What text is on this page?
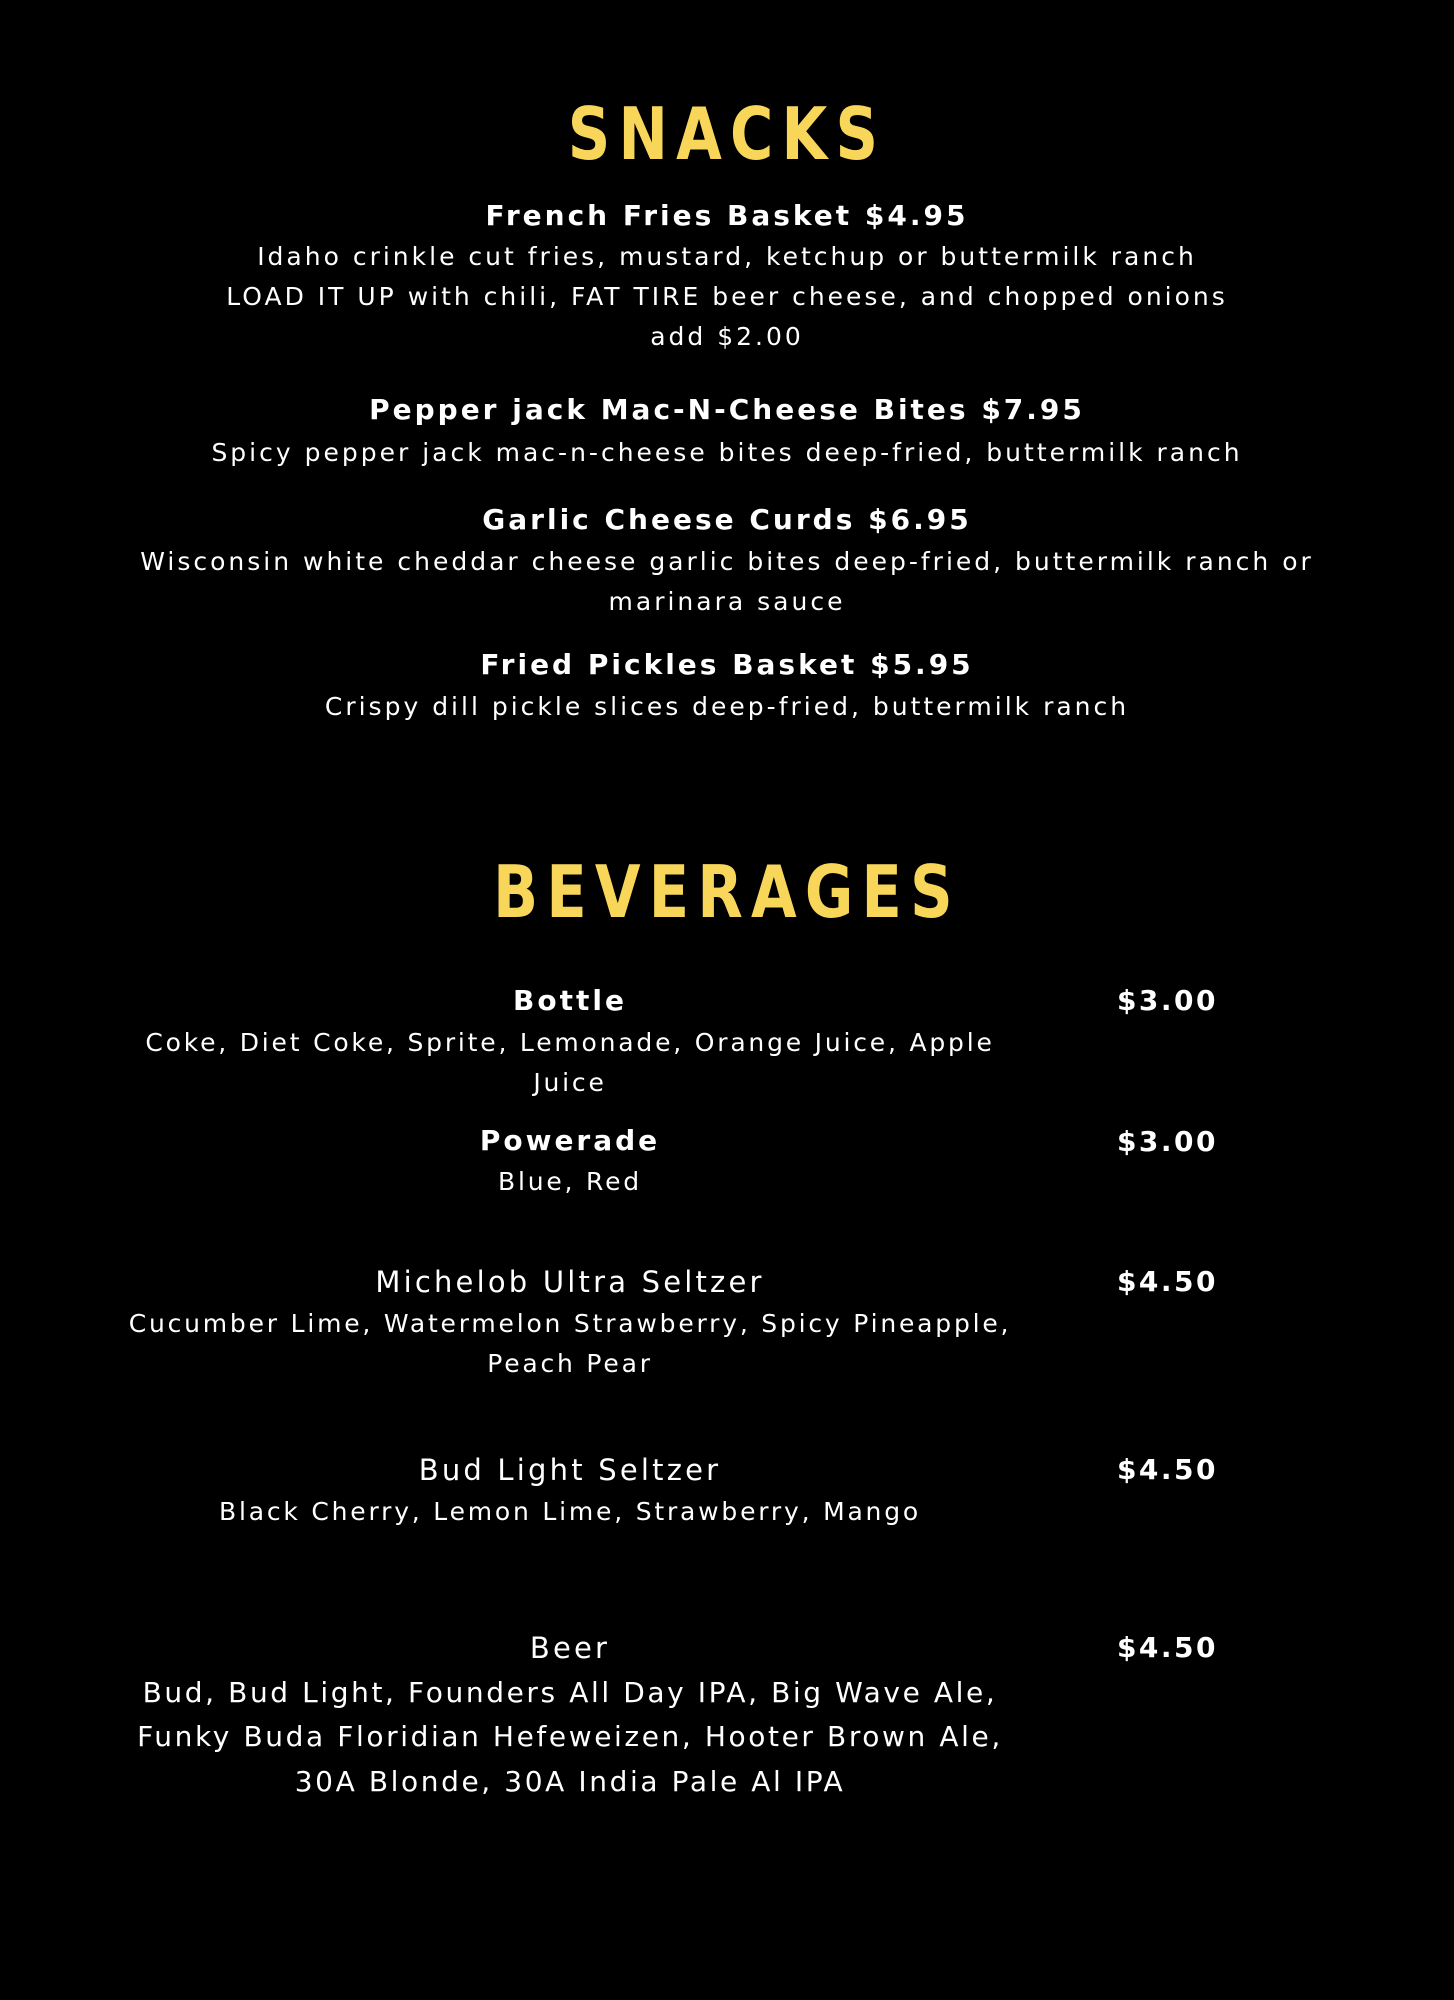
SNACKS
French Fries Basket $4.95
Idaho crinkle cut fries, mustard, ketchup or buttermilk ranch
LOAD IT UP with chili, FAT TIRE beer cheese, and chopped onions
add $2.00
Pepper jack Mac-N-Cheese Bites $7.95
Spicy pepper jack mac-n-cheese bites deep-fried, buttermilk ranch
Garlic Cheese Curds $6.95
Wisconsin white cheddar cheese garlic bites deep-fried, buttermilk ranch or
marinara sauce
Fried Pickles Basket $5.95
Crispy dill pickle slices deep-fried, buttermilk ranch
BEVERAGES
Bottle	$3.00
Coke, Diet Coke, Sprite, Lemonade, Orange Juice, Apple
Juice
Powerade	$3.00
Blue, Red
Michelob Ultra Seltzer	$4.50
Cucumber Lime, Watermelon Strawberry, Spicy Pineapple,
Peach Pear
Bud Light Seltzer	$4.50
Black Cherry, Lemon Lime, Strawberry, Mango
Beer	$4.50
Bud, Bud Light, Founders All Day IPA, Big Wave Ale,
Funky Buda Floridian Hefeweizen, Hooter Brown Ale,
30A Blonde, 30A India Pale Al IPA
